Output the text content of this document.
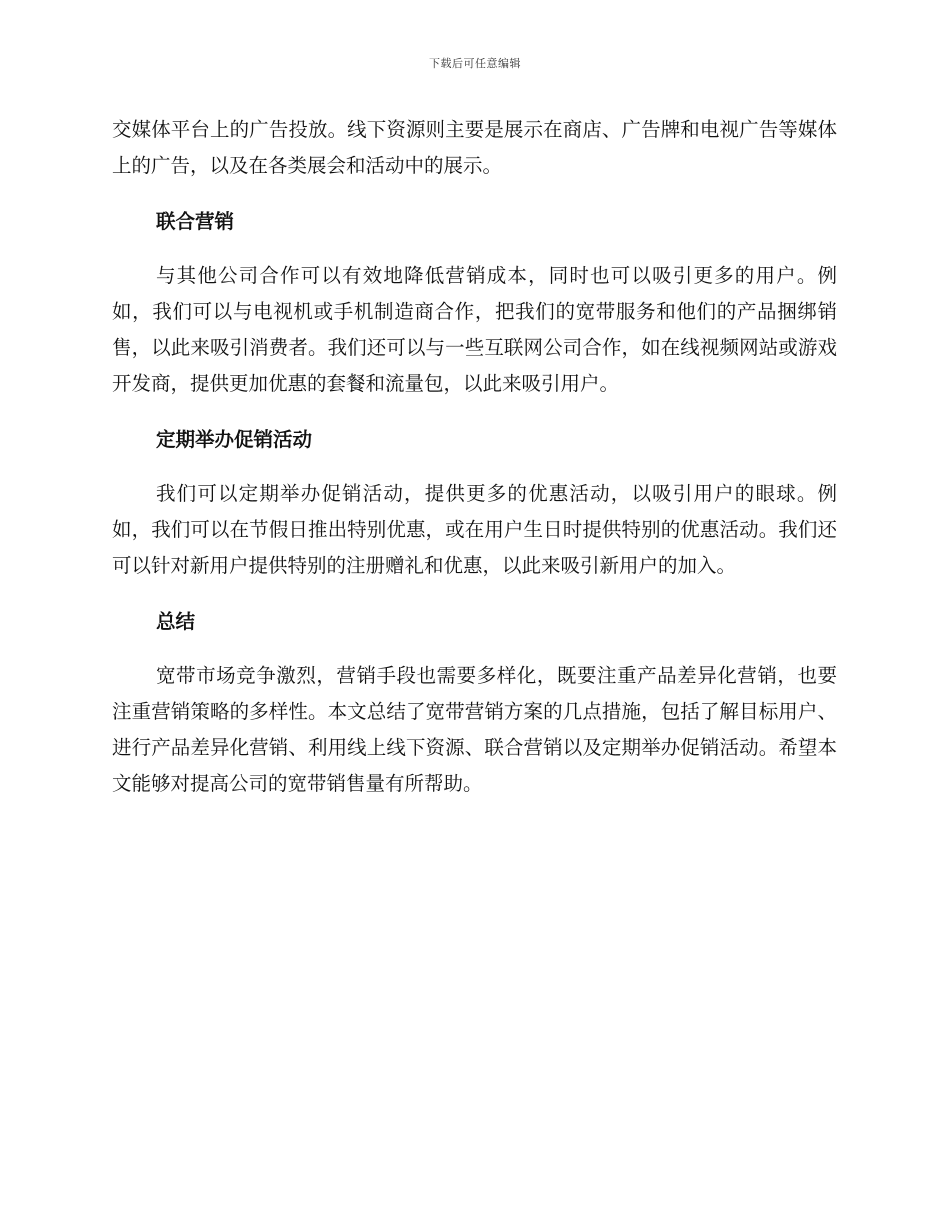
下载后可任意编辑

交媒体平台上的广告投放。线下资源则主要是展示在商店、广告牌和电视广告等媒体上的广告，以及在各类展会和活动中的展示。

联合营销

与其他公司合作可以有效地降低营销成本，同时也可以吸引更多的用户。例如，我们可以与电视机或手机制造商合作，把我们的宽带服务和他们的产品捆绑销售，以此来吸引消费者。我们还可以与一些互联网公司合作，如在线视频网站或游戏开发商，提供更加优惠的套餐和流量包，以此来吸引用户。

定期举办促销活动

我们可以定期举办促销活动，提供更多的优惠活动，以吸引用户的眼球。例如，我们可以在节假日推出特别优惠，或在用户生日时提供特别的优惠活动。我们还可以针对新用户提供特别的注册赠礼和优惠，以此来吸引新用户的加入。

总结

宽带市场竞争激烈，营销手段也需要多样化，既要注重产品差异化营销，也要注重营销策略的多样性。本文总结了宽带营销方案的几点措施，包括了解目标用户、进行产品差异化营销、利用线上线下资源、联合营销以及定期举办促销活动。希望本文能够对提高公司的宽带销售量有所帮助。
